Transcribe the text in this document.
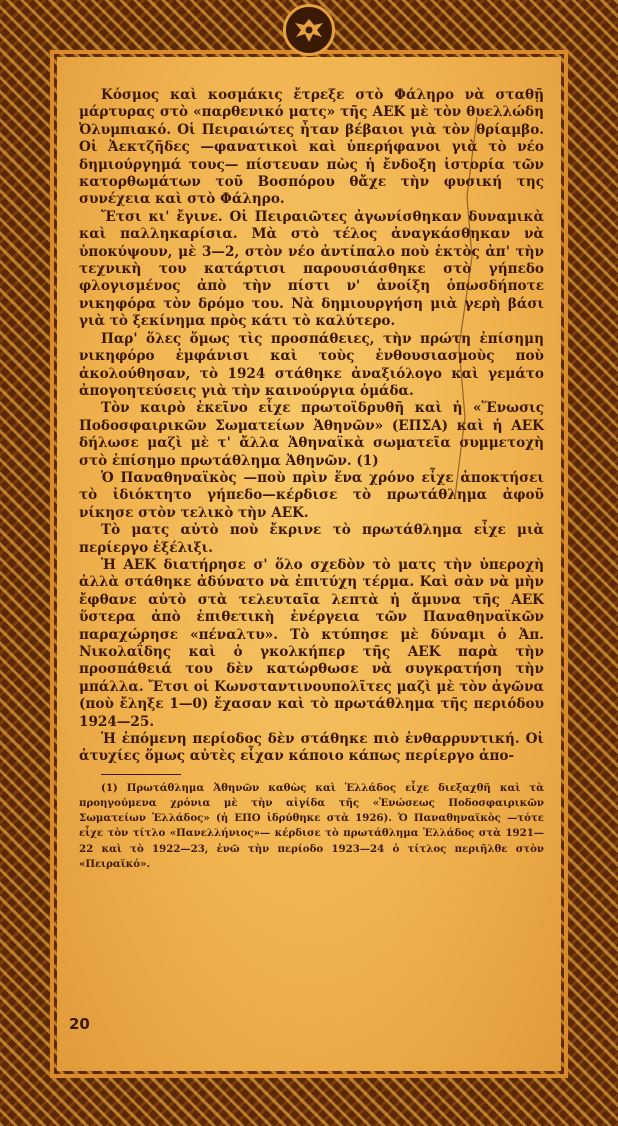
Κόσμος καὶ κοσμάκις ἔτρεξε στὸ Φάληρο νὰ σταθῇ μάρτυρας στὸ «παρθενικό ματς» τῆς ΑΕΚ μὲ τὸν θυελλώδη Ὀλυμπιακό. Οἱ Πειραιώτες ἦταν βέβαιοι γιὰ τὸν θρίαμβο. Οἱ Ἀεκτζῆδες —φανατικοὶ καὶ ὑπερήφανοι γιὰ τὸ νέο δημιούργημά τους— πίστευαν πὼς ἡ ἔνδοξη ἱστορία τῶν κατορθωμάτων τοῦ Βοσπόρου θἄχε τὴν φυσική της συνέχεια καὶ στὸ Φάληρο.

Ἔτσι κι' ἔγινε. Οἱ Πειραιῶτες ἀγωνίσθηκαν δυναμικὰ καὶ παλληκαρίσια. Μὰ στὸ τέλος ἀναγκάσθηκαν νὰ ὑποκύψουν, μὲ 3—2, στὸν νέο ἀντίπαλο ποὺ ἐκτὸς ἀπ' τὴν τεχνικὴ του κατάρτισι παρουσιάσθηκε στὸ γήπεδο φλογισμένος ἀπὸ τὴν πίστι ν' ἀνοίξη ὁπωσδήποτε νικηφόρα τὸν δρόμο του. Νὰ δημιουργήση μιὰ γερὴ βάσι γιὰ τὸ ξεκίνημα πρὸς κάτι τὸ καλύτερο.

Παρ' ὅλες ὅμως τὶς προσπάθειες, τὴν πρώτη ἐπίσημη νικηφόρο ἐμφάνισι καὶ τοὺς ἐνθουσιασμοὺς ποὺ ἀκολούθησαν, τὸ 1924 στάθηκε ἀναξιόλογο καὶ γεμάτο ἀπογοητεύσεις γιὰ τὴν καινούργια ὁμάδα.

Τὸν καιρὸ ἐκεῖνο εἶχε πρωτοϊδρυθῆ καὶ ἡ «Ἕνωσις Ποδοσφαιρικῶν Σωματείων Ἀθηνῶν» (ΕΠΣΑ) καὶ ἡ ΑΕΚ δήλωσε μαζὶ μὲ τ' ἄλλα Ἀθηναϊκὰ σωματεῖα συμμετοχὴ στὸ ἐπίσημο πρωτάθλημα Ἀθηνῶν. (1)

Ὁ Παναθηναϊκὸς —ποὺ πρὶν ἕνα χρόνο εἶχε ἀποκτήσει τὸ ἰδιόκτητο γήπεδο—κέρδισε τὸ πρωτάθλημα ἀφοῦ νίκησε στὸν τελικὸ τὴν ΑΕΚ.

Τὸ ματς αὐτὸ ποὺ ἔκρινε τὸ πρωτάθλημα εἶχε μιὰ περίεργο ἐξέλιξι.

Ἡ ΑΕΚ διατήρησε σ' ὅλο σχεδὸν τὸ ματς τὴν ὑπεροχὴ ἀλλὰ στάθηκε ἀδύνατο νὰ ἐπιτύχη τέρμα. Καὶ σὰν νὰ μὴν ἔφθανε αὐτὸ στὰ τελευταῖα λεπτὰ ἡ ἄμυνα τῆς ΑΕΚ ὕστερα ἀπὸ ἐπιθετικὴ ἐνέργεια τῶν Παναθηναϊκῶν παραχώρησε «πέναλτυ». Τὸ κτύπησε μὲ δύναμι ὁ Ἀπ. Νικολαΐδης καὶ ὁ γκολκήπερ τῆς ΑΕΚ παρὰ τὴν προσπάθειά του δὲν κατώρθωσε νὰ συγκρατήση τὴν μπάλλα. Ἔτσι οἱ Κωνσταντινουπολῖτες μαζὶ μὲ τὸν ἀγῶνα (ποὺ ἔληξε 1—0) ἔχασαν καὶ τὸ πρωτάθλημα τῆς περιόδου 1924—25.

Ἡ ἑπόμενη περίοδος δὲν στάθηκε πιὸ ἐνθαρρυντική. Οἱ ἀτυχίες ὅμως αὐτὲς εἶχαν κάποιο κάπως περίεργο ἀπο-

(1) Πρωτάθλημα Ἀθηνῶν καθὼς καὶ Ἑλλάδος εἶχε διεξαχθῆ καὶ τὰ προηγούμενα χρόνια μὲ τὴν αἰγίδα τῆς «Ἑνώσεως Ποδοσφαιρικῶν Σωματείων Ἑλλάδος» (ἡ ΕΠΟ ἱδρύθηκε στὰ 1926). Ὁ Παναθηναϊκὸς —τότε εἶχε τὸν τίτλο «Πανελλήνιος»— κέρδισε τὸ πρωτάθλημα Ἑλλάδος στὰ 1921—22 καὶ τὸ 1922—23, ἐνῶ τὴν περίοδο 1923—24 ὁ τίτλος περιῆλθε στὸν «Πειραϊκό».

20
